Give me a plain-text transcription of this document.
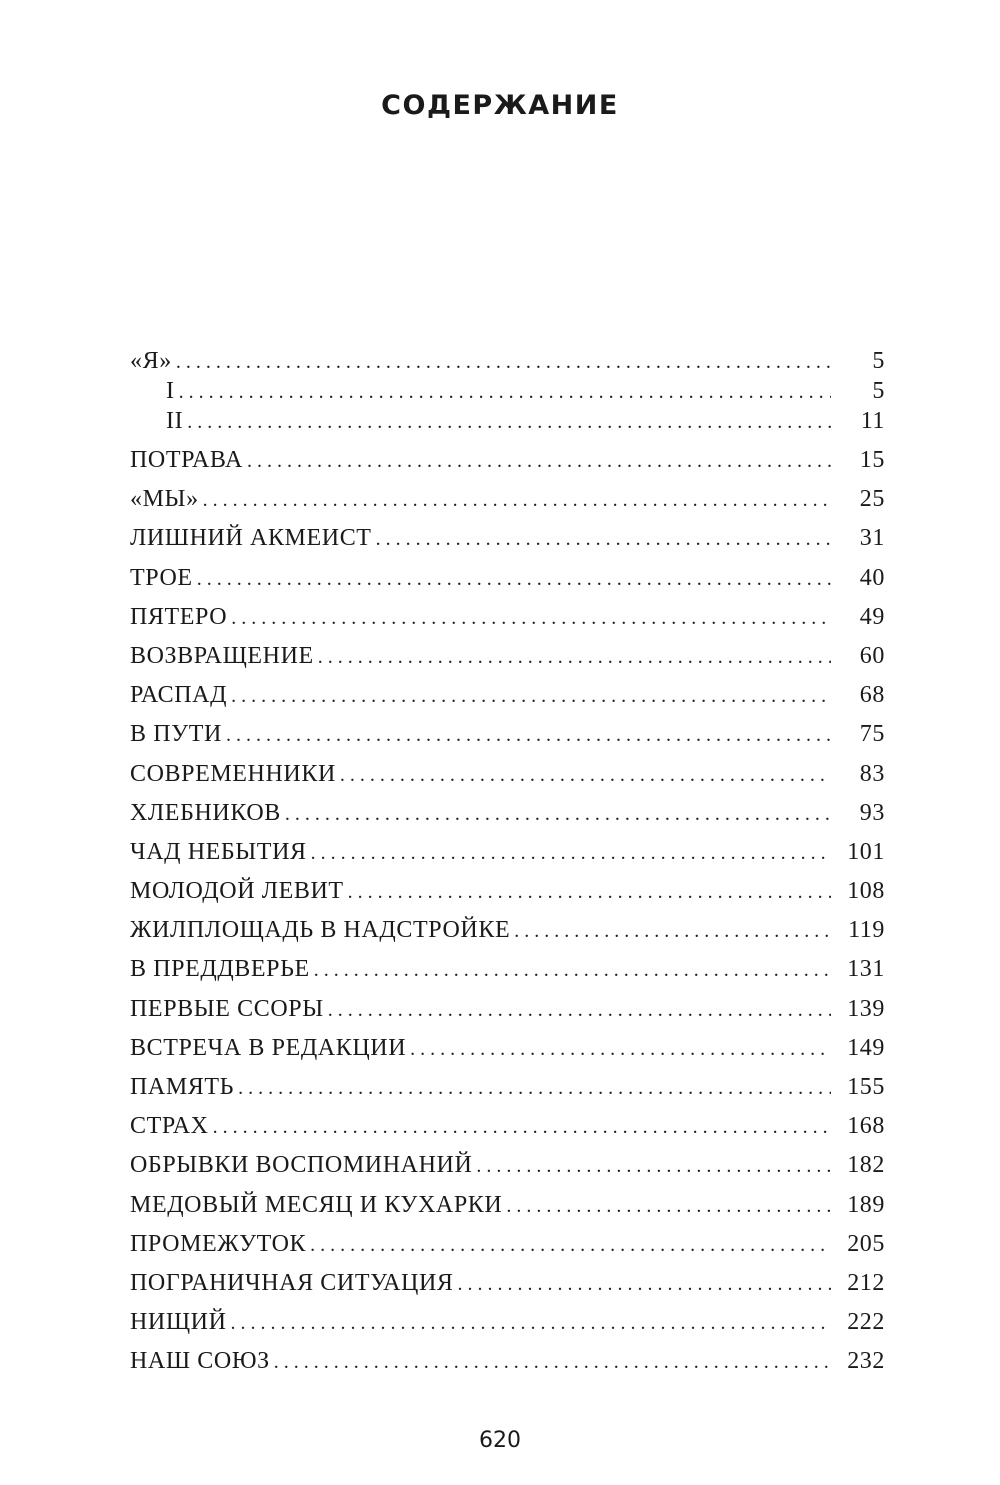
СОДЕРЖАНИЕ
«Я» . . .	5
I . . .	5
II . . .	11
ПОТРАВА . . .	15
«МЫ» . . .	25
ЛИШНИЙ АКМЕИСТ . . .	31
ТРОЕ . . .	40
ПЯТЕРО . . .	49
ВОЗВРАЩЕНИЕ . . .	60
РАСПАД . . .	68
В ПУТИ . . .	75
СОВРЕМЕННИКИ . . .	83
ХЛЕБНИКОВ . . .	93
ЧАД НЕБЫТИЯ . . .	101
МОЛОДОЙ ЛЕВИТ . . .	108
ЖИЛПЛОЩАДЬ В НАДСТРОЙКЕ . . .	119
В ПРЕДДВЕРЬЕ . . .	131
ПЕРВЫЕ ССОРЫ . . .	139
ВСТРЕЧА В РЕДАКЦИИ . . .	149
ПАМЯТЬ . . .	155
СТРАХ . . .	168
ОБРЫВКИ ВОСПОМИНАНИЙ . . .	182
МЕДОВЫЙ МЕСЯЦ И КУХАРКИ . . .	189
ПРОМЕЖУТОК . . .	205
ПОГРАНИЧНАЯ СИТУАЦИЯ . . .	212
НИЩИЙ . . .	222
НАШ СОЮЗ . . .	232
620
